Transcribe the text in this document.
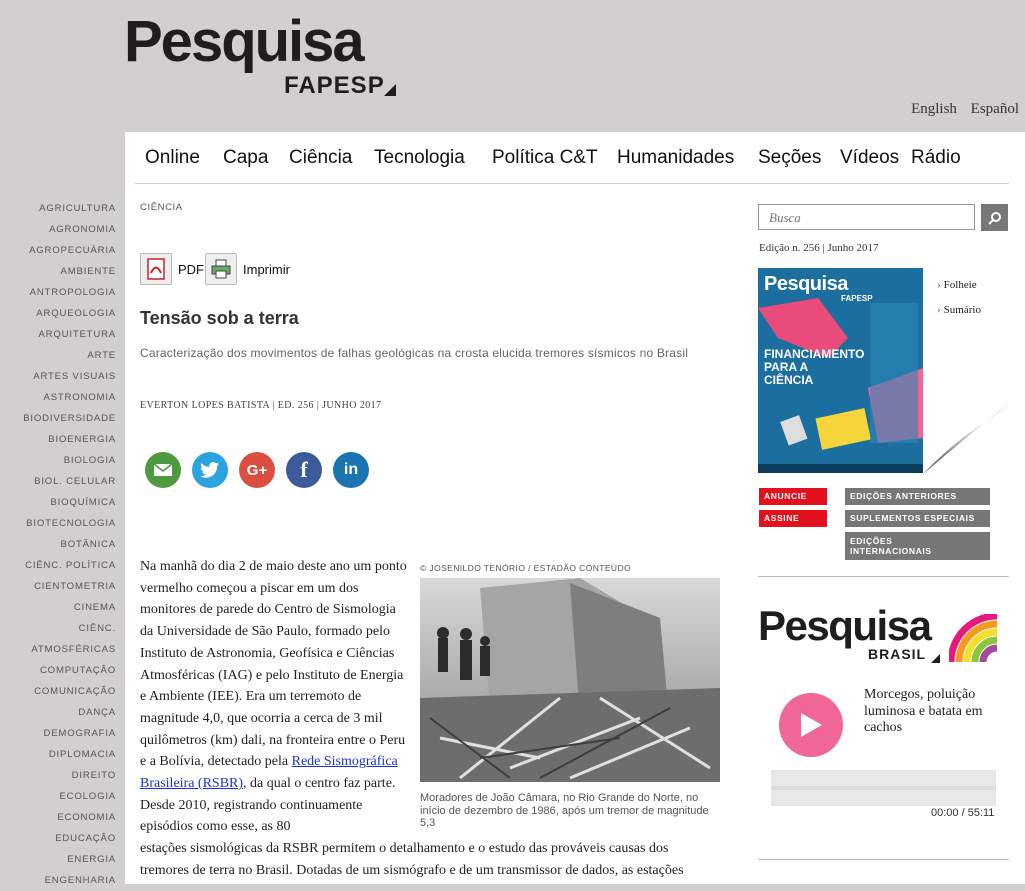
Pesquisa
FAPESP
English Español
AGRICULTURA
AGRONOMIA
AGROPECUÁRIA
AMBIENTE
ANTROPOLOGIA
ARQUEOLOGIA
ARQUITETURA
ARTE
ARTES VISUAIS
ASTRONOMIA
BIODIVERSIDADE
BIOENERGIA
BIOLOGIA
BIOL. CELULAR
BIOQUÍMICA
BIOTECNOLOGIA
BOTÂNICA
CIÊNC. POLÍTICA
CIENTOMETRIA
CINEMA
CIÊNC.
ATMOSFÉRICAS
COMPUTAÇÃO
COMUNICAÇÃO
DANÇA
DEMOGRAFIA
DIPLOMACIA
DIREITO
ECOLOGIA
ECONOMIA
EDUCAÇÃO
ENERGIA
ENGENHARIA
Online Capa Ciência Tecnologia Política C&T Humanidades Seções Vídeos Rádio
CIÊNCIA
PDF	Imprimir
Tensão sob a terra
Caracterização dos movimentos de falhas geológicas na crosta elucida tremores sísmicos no Brasil
EVERTON LOPES BATISTA | ED. 256 | JUNHO 2017
G+	f	in
Na manhã do dia 2 de maio deste ano um ponto vermelho começou a piscar em um dos monitores de parede do Centro de Sismologia da Universidade de São Paulo, formado pelo Instituto de Astronomia, Geofísica e Ciências Atmosféricas (IAG) e pelo Instituto de Energia e Ambiente (IEE). Era um terremoto de magnitude 4,0, que ocorria a cerca de 3 mil quilômetros (km) dali, na fronteira entre o Peru e a Bolívia, detectado pela Rede Sismográfica Brasileira (RSBR), da qual o centro faz parte. Desde 2010, registrando continuamente episódios como esse, as 80
estações sismológicas da RSBR permitem o detalhamento e o estudo das prováveis causas dos tremores de terra no Brasil. Dotadas de um sismógrafo e de um transmissor de dados, as estações
© JOSENILDO TENÓRIO / ESTADÃO CONTEÚDO
Moradores de João Câmara, no Rio Grande do Norte, no início de dezembro de 1986, após um tremor de magnitude 5,3
Busca
Edição n. 256 | Junho 2017
Pesquisa
FAPESP
FINANCIAMENTO PARA A CIÊNCIA
› Folheie
› Sumário
ANUNCIE
ASSINE
EDIÇÕES ANTERIORES
SUPLEMENTOS ESPECIAIS
EDIÇÕES INTERNACIONAIS
Pesquisa
BRASIL
Morcegos, poluição luminosa e batata em cachos
00:00 / 55:11
